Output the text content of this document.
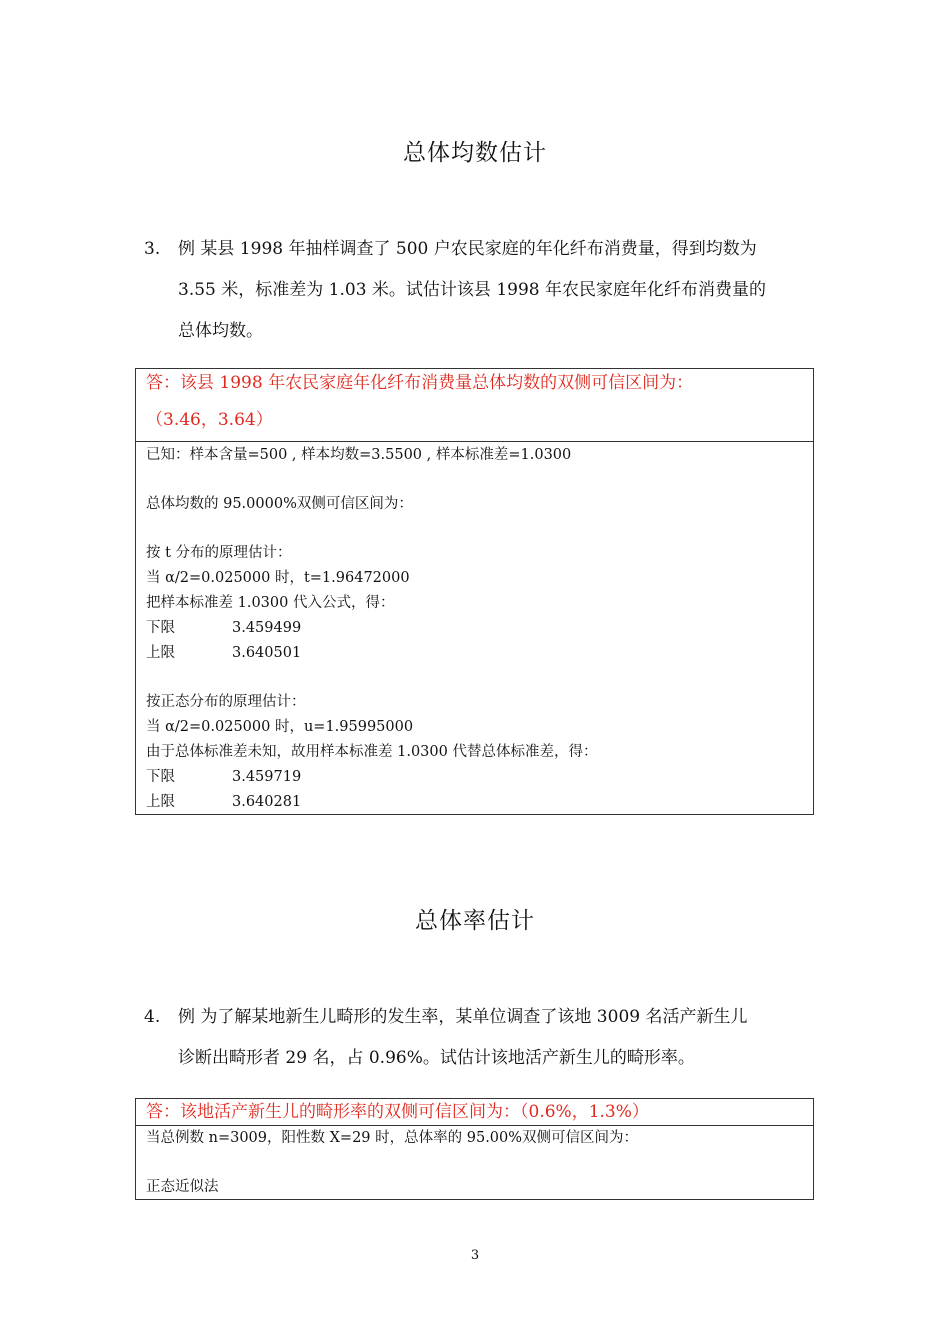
总体均数估计
3. 例 某县 1998 年抽样调查了 500 户农民家庭的年化纤布消费量，得到均数为
3.55 米，标准差为 1.03 米。试估计该县 1998 年农民家庭年化纤布消费量的
总体均数。
答：该县 1998 年农民家庭年化纤布消费量总体均数的双侧可信区间为：
（3.46，3.64）
已知：样本含量=500 , 样本均数=3.5500 , 样本标准差=1.0300
总体均数的 95.0000%双侧可信区间为：
按 t 分布的原理估计：
当 α/2=0.025000 时，t=1.96472000
把样本标准差 1.0300 代入公式，得：
下限	3.459499
上限	3.640501
按正态分布的原理估计：
当 α/2=0.025000 时，u=1.95995000
由于总体标准差未知，故用样本标准差 1.0300 代替总体标准差，得：
下限	3.459719
上限	3.640281
总体率估计
4. 例 为了解某地新生儿畸形的发生率，某单位调查了该地 3009 名活产新生儿
诊断出畸形者 29 名，占 0.96%。试估计该地活产新生儿的畸形率。
答：该地活产新生儿的畸形率的双侧可信区间为：（0.6%，1.3%）
当总例数 n=3009，阳性数 X=29 时，总体率的 95.00%双侧可信区间为：
正态近似法
3
